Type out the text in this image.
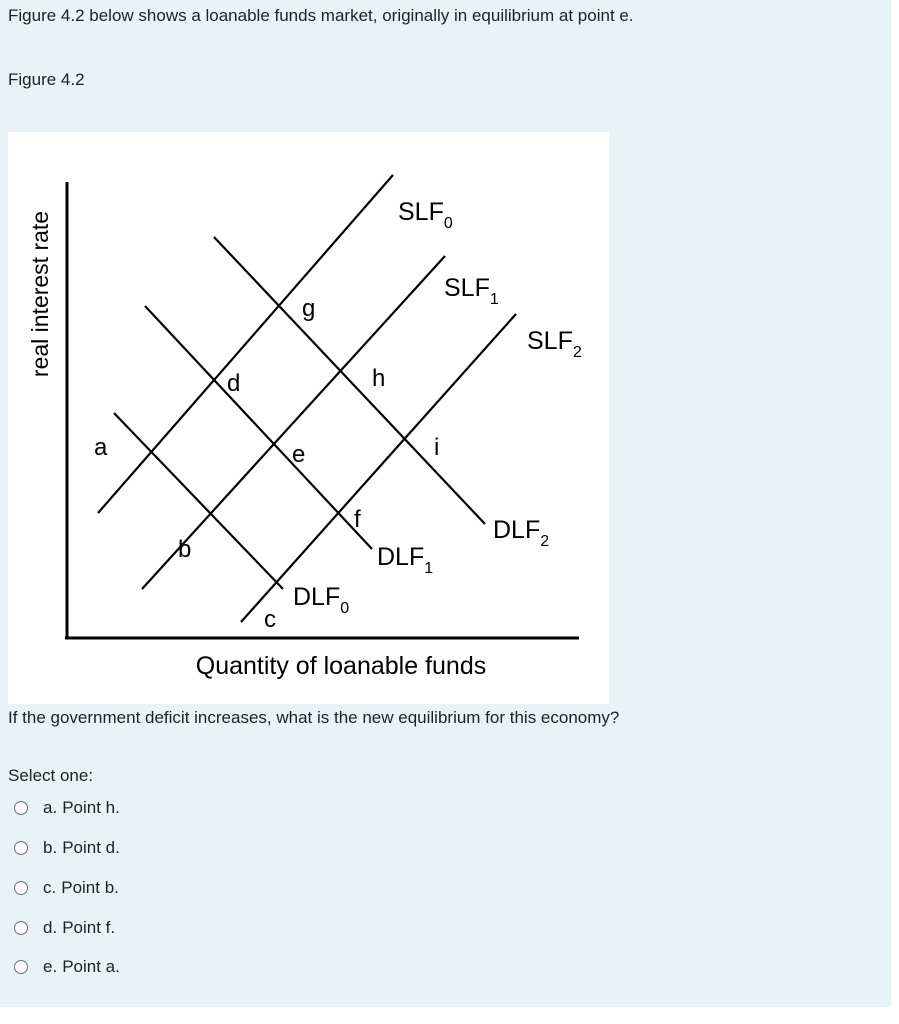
Figure 4.2 below shows a loanable funds market, originally in equilibrium at point e.
Figure 4.2
real interest rate
Quantity of loanable funds
$SLF_0$
$SLF_1$
$SLF_2$
$DLF_0$
$DLF_1$
$DLF_2$
a
b
c
d
e
f
g
h
i
If the government deficit increases, what is the new equilibrium for this economy?
Select one:
a. Point h.
b. Point d.
c. Point b.
d. Point f.
e. Point a.
